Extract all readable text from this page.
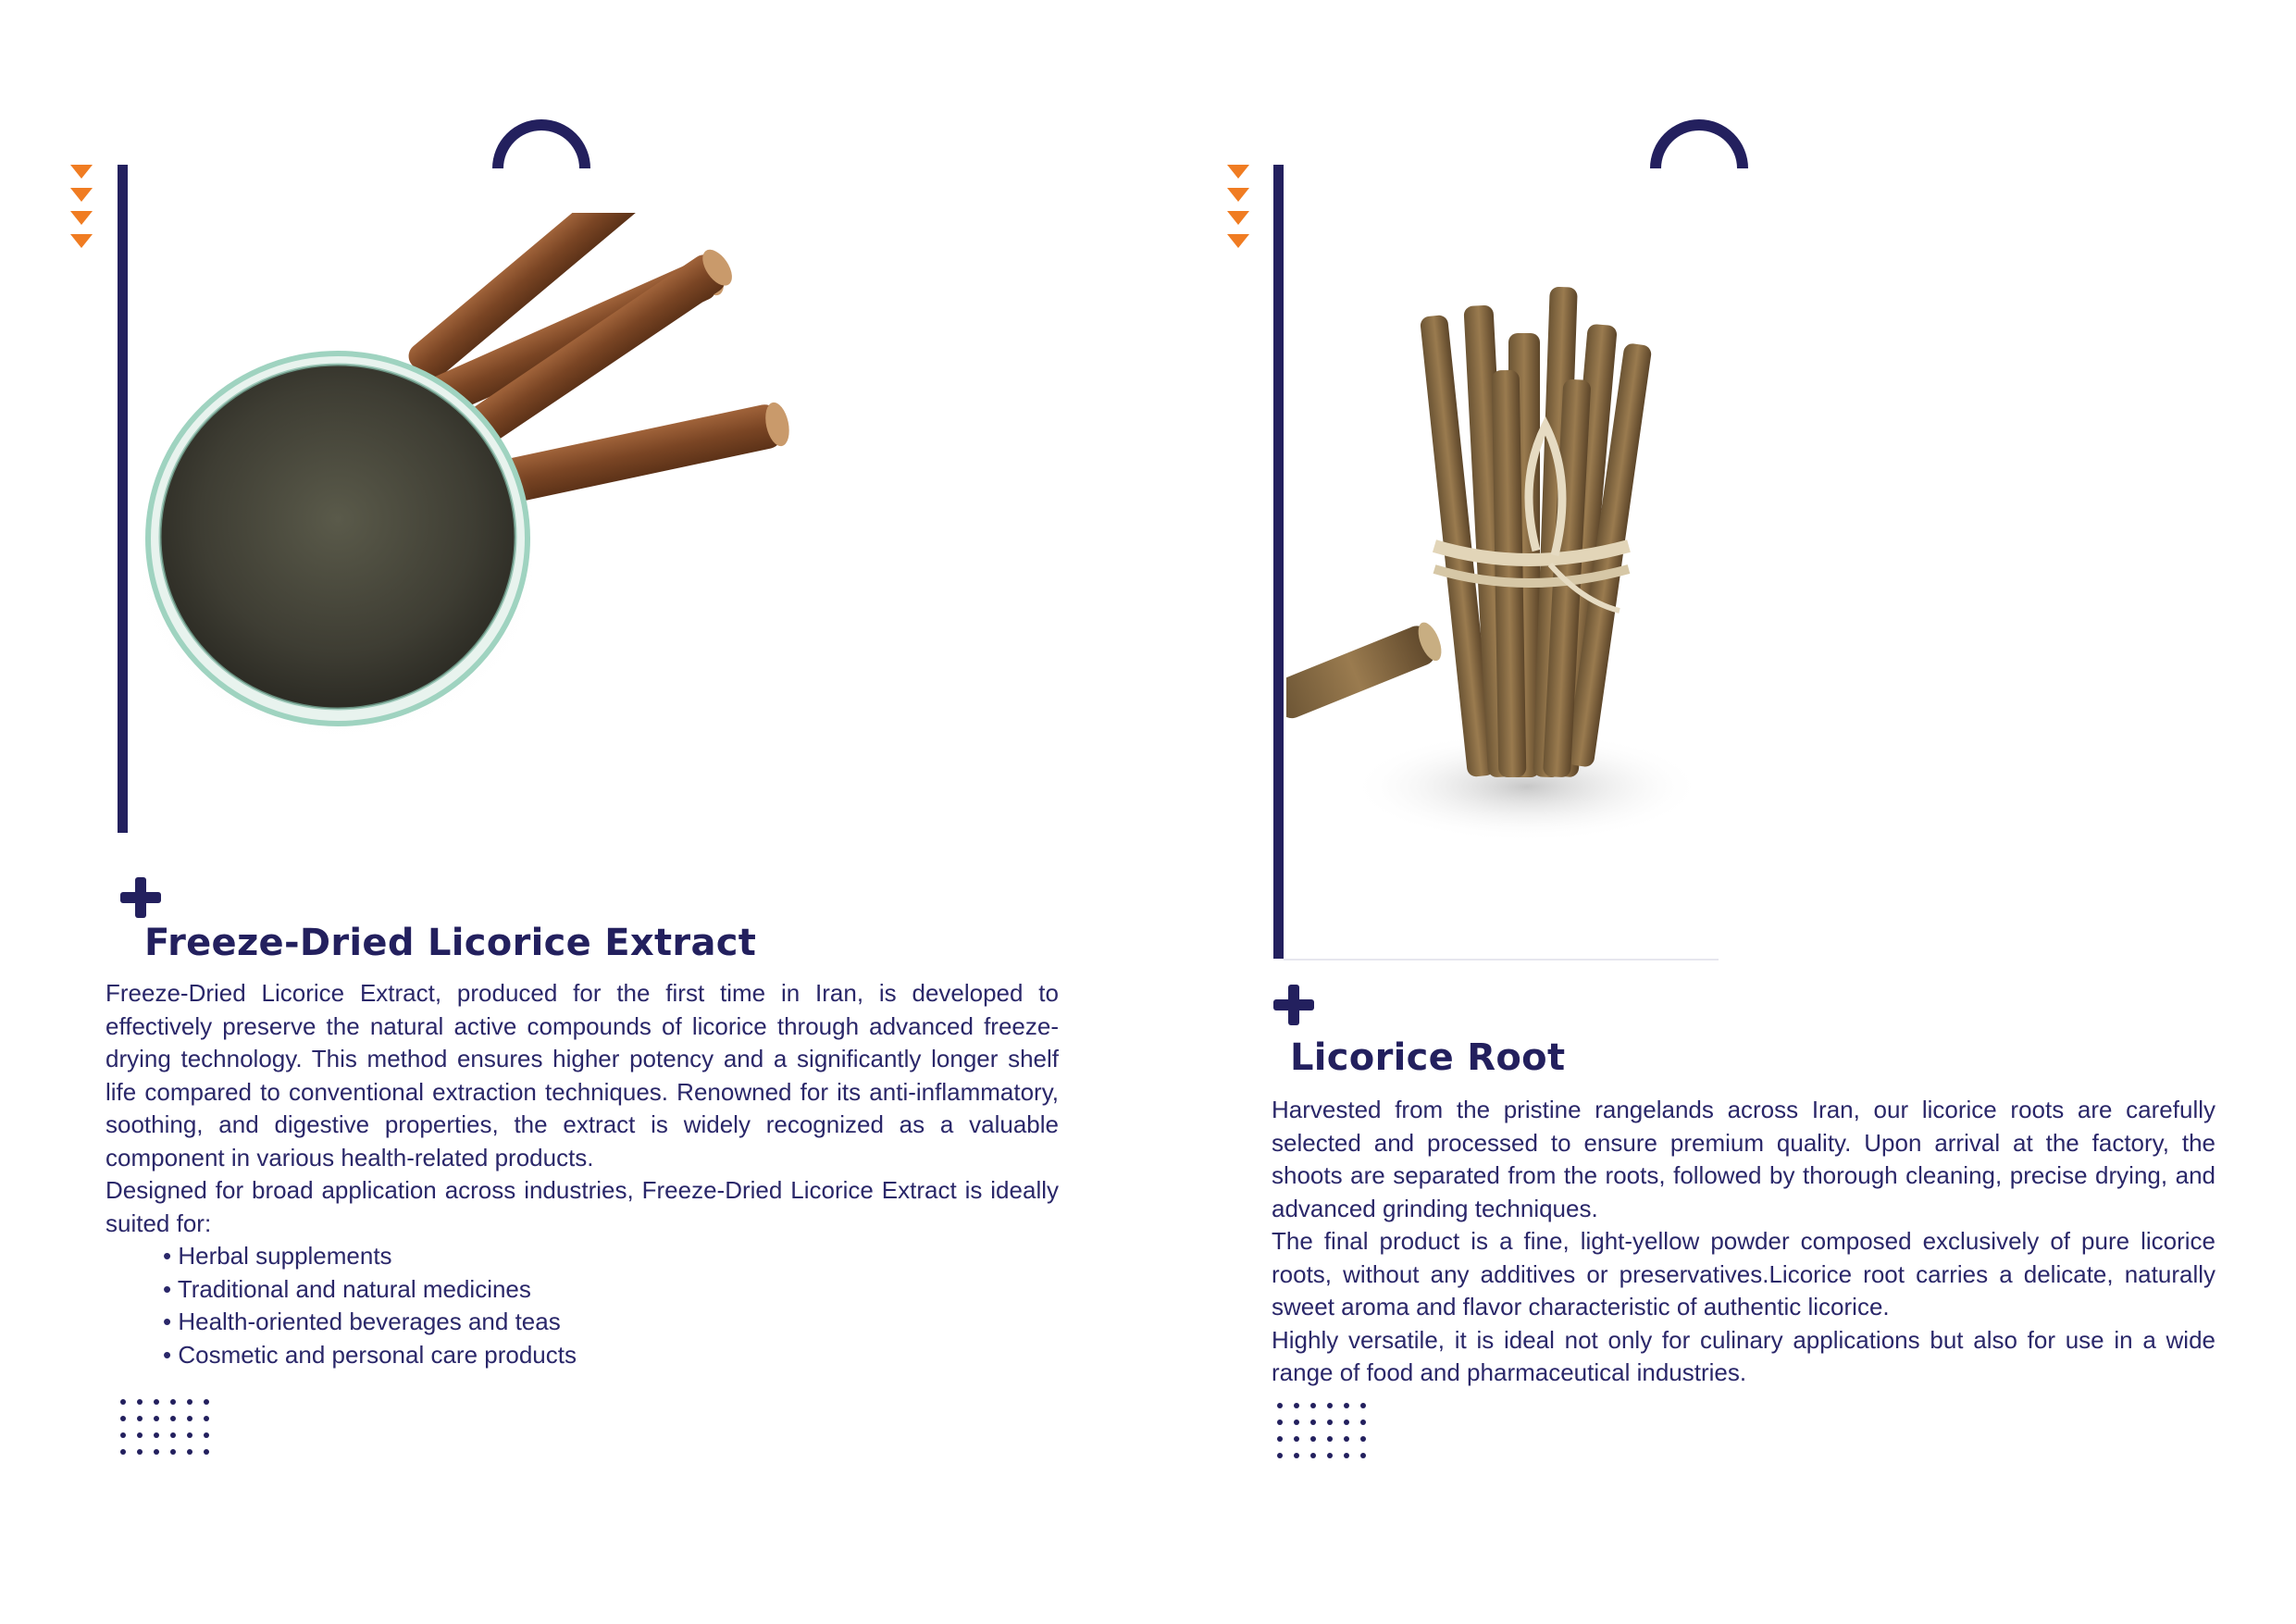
Freeze-Dried Licorice Extract

Freeze-Dried Licorice Extract, produced for the first time in Iran, is developed to effectively preserve the natural active compounds of licorice through advanced freeze-drying technology. This method ensures higher potency and a significantly longer shelf life compared to conventional extraction techniques. Renowned for its anti-inflammatory, soothing, and digestive properties, the extract is widely recognized as a valuable component in various health-related products.

Designed for broad application across industries, Freeze-Dried Licorice Extract is ideally suited for:

• Herbal supplements
• Traditional and natural medicines
• Health-oriented beverages and teas
• Cosmetic and personal care products
Licorice Root

Harvested from the pristine rangelands across Iran, our licorice roots are carefully selected and processed to ensure premium quality. Upon arrival at the factory, the shoots are separated from the roots, followed by thorough cleaning, precise drying, and advanced grinding techniques.

The final product is a fine, light-yellow powder composed exclusively of pure licorice roots, without any additives or preservatives.Licorice root carries a delicate, naturally sweet aroma and flavor characteristic of authentic licorice.

Highly versatile, it is ideal not only for culinary applications but also for use in a wide range of food and pharmaceutical industries.
